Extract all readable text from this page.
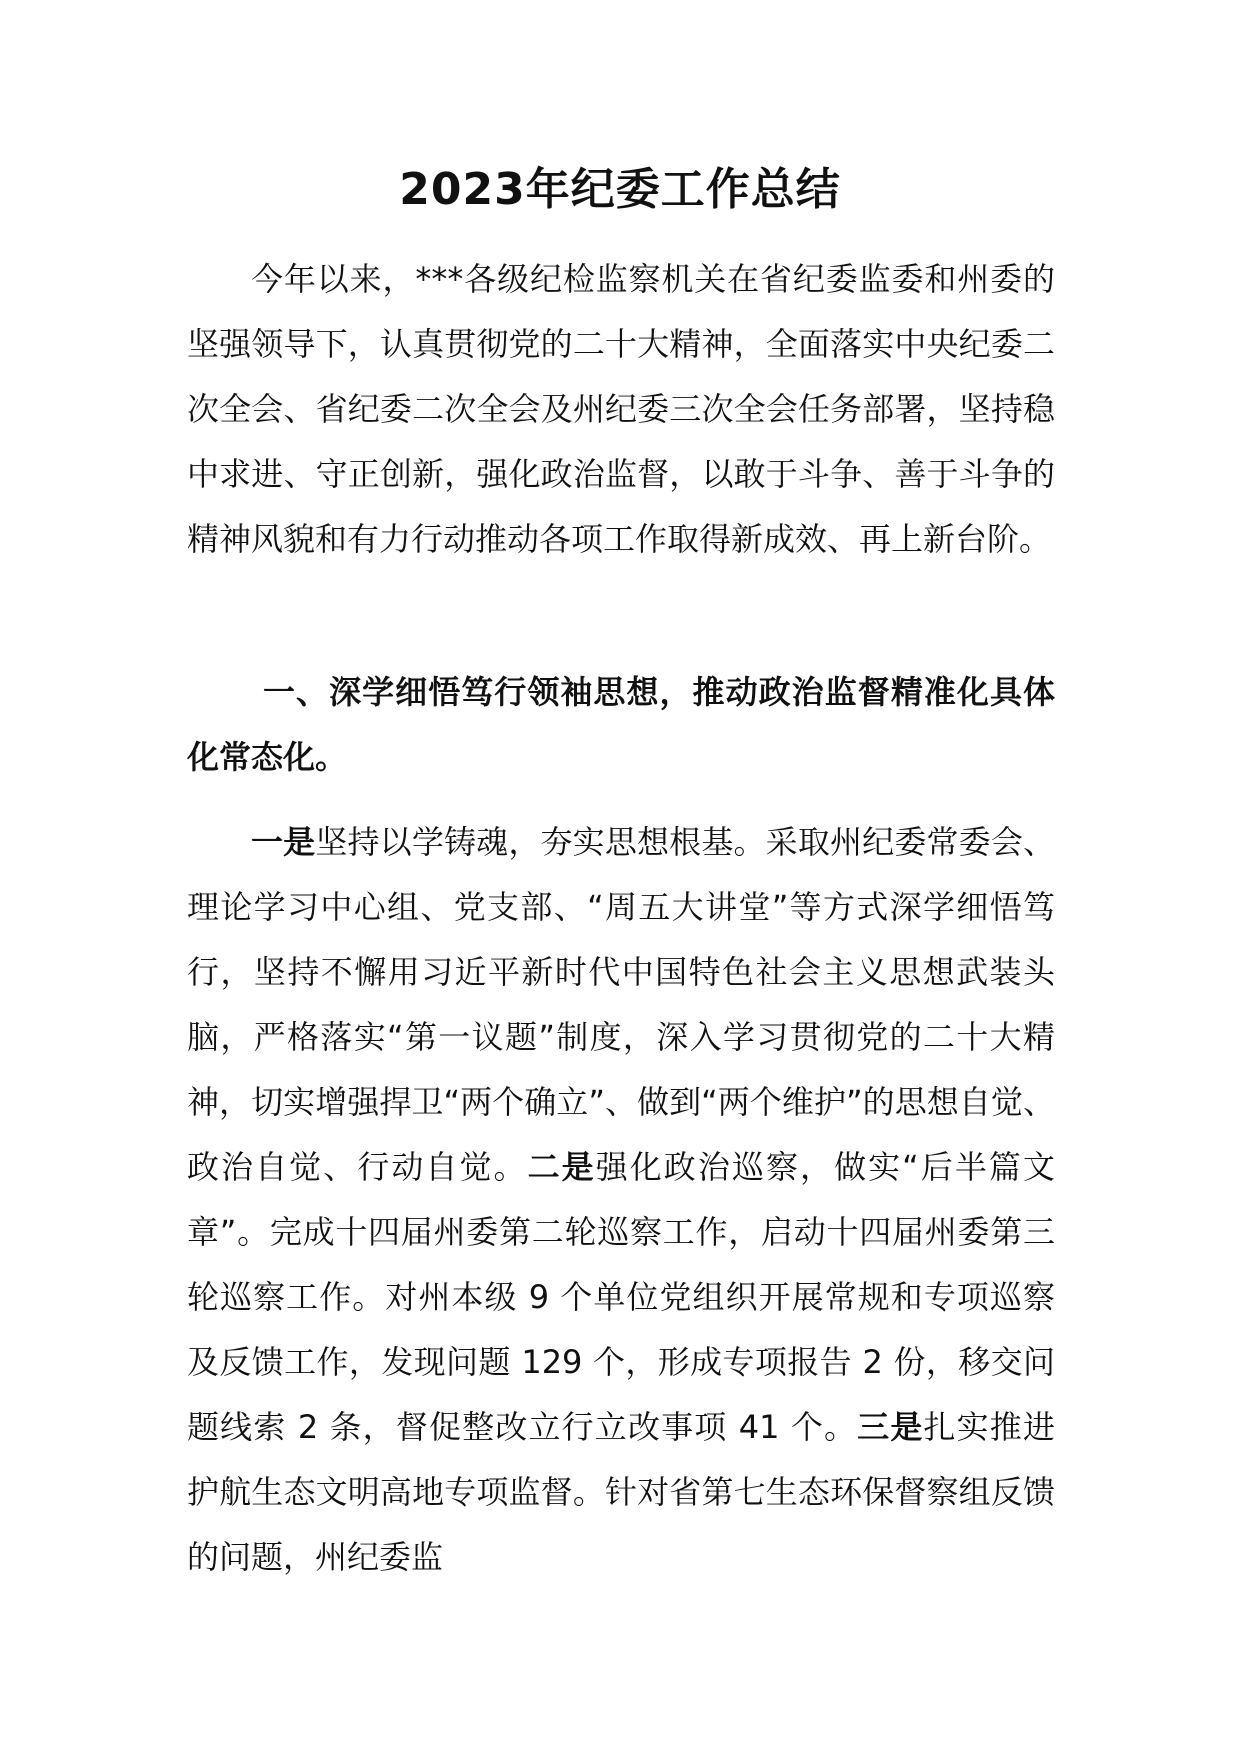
2023年纪委工作总结

今年以来，***各级纪检监察机关在省纪委监委和州委的坚强领导下，认真贯彻党的二十大精神，全面落实中央纪委二次全会、省纪委二次全会及州纪委三次全会任务部署，坚持稳中求进、守正创新，强化政治监督，以敢于斗争、善于斗争的精神风貌和有力行动推动各项工作取得新成效、再上新台阶。

一、深学细悟笃行领袖思想，推动政治监督精准化具体化常态化。

一是坚持以学铸魂，夯实思想根基。采取州纪委常委会、理论学习中心组、党支部、“周五大讲堂”等方式深学细悟笃行，坚持不懈用习近平新时代中国特色社会主义思想武装头脑，严格落实“第一议题”制度，深入学习贯彻党的二十大精神，切实增强捍卫“两个确立”、做到“两个维护”的思想自觉、政治自觉、行动自觉。二是强化政治巡察，做实“后半篇文章”。完成十四届州委第二轮巡察工作，启动十四届州委第三轮巡察工作。对州本级 9 个单位党组织开展常规和专项巡察及反馈工作，发现问题 129 个，形成专项报告 2 份，移交问题线索 2 条，督促整改立行立改事项 41 个。三是扎实推进护航生态文明高地专项监督。针对省第七生态环保督察组反馈的问题，州纪委监
